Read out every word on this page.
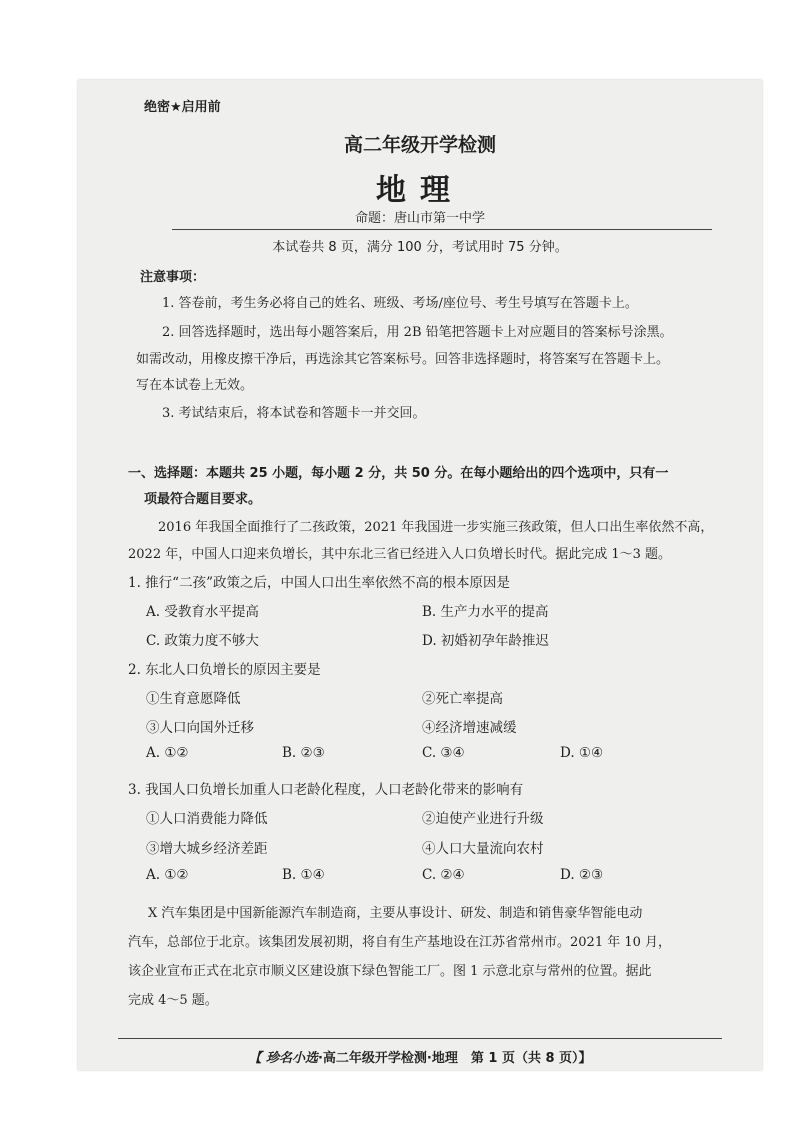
绝密★启用前
高二年级开学检测
地理
命题：唐山市第一中学
本试卷共 8 页，满分 100 分，考试用时 75 分钟。
注意事项：
1. 答卷前，考生务必将自己的姓名、班级、考场/座位号、考生号填写在答题卡上。
2. 回答选择题时，选出每小题答案后，用 2B 铅笔把答题卡上对应题目的答案标号涂黑。
如需改动，用橡皮擦干净后，再选涂其它答案标号。回答非选择题时，将答案写在答题卡上。
写在本试卷上无效。
3. 考试结束后，将本试卷和答题卡一并交回。
一、选择题：本题共 25 小题，每小题 2 分，共 50 分。在每小题给出的四个选项中，只有一
项最符合题目要求。
2016 年我国全面推行了二孩政策，2021 年我国进一步实施三孩政策，但人口出生率依然不高，
2022 年，中国人口迎来负增长，其中东北三省已经进入人口负增长时代。据此完成 1～3 题。
1. 推行“二孩”政策之后，中国人口出生率依然不高的根本原因是
A. 受教育水平提高	B. 生产力水平的提高
C. 政策力度不够大	D. 初婚初孕年龄推迟
2. 东北人口负增长的原因主要是
①生育意愿降低	②死亡率提高
③人口向国外迁移	④经济增速减缓
A. ①②	B. ②③	C. ③④	D. ①④
3. 我国人口负增长加重人口老龄化程度，人口老龄化带来的影响有
①人口消费能力降低	②迫使产业进行升级
③增大城乡经济差距	④人口大量流向农村
A. ①②	B. ①④	C. ②④	D. ②③
X 汽车集团是中国新能源汽车制造商，主要从事设计、研发、制造和销售豪华智能电动
汽车，总部位于北京。该集团发展初期，将自有生产基地设在江苏省常州市。2021 年 10 月，
该企业宣布正式在北京市顺义区建设旗下绿色智能工厂。图 1 示意北京与常州的位置。据此
完成 4～5 题。
【 珍名小选·高二年级开学检测·地理　第 1 页（共 8 页）】
